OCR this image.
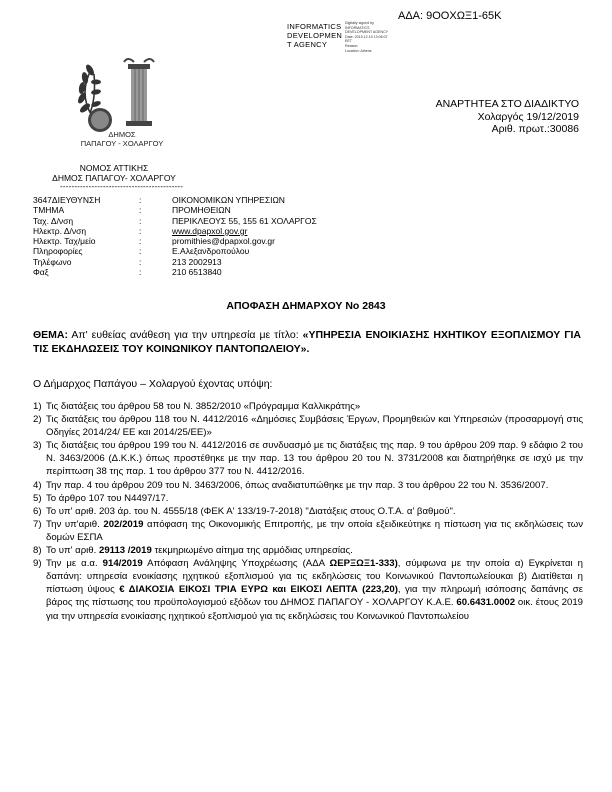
ΑΔΑ: 9ΟΟΧΩΞ1-65Κ
INFORMATICS
DEVELOPMEN
T AGENCY
Digitally signed by
INFORMATICS
DEVELOPMENT AGENCY
Date: 2019.12.19 13:06:07
EET
Reason:
Location: Athens
ΔΗΜΟΣ
ΠΑΠΑΓΟΥ - ΧΟΛΑΡΓΟΥ
ΑΝΑΡΤΗΤΕΑ ΣΤΟ ΔΙΑΔΙΚΤΥΟ
Χολαργός 19/12/2019
Αριθ. πρωτ.:30086
ΝΟΜΟΣ ΑΤΤΙΚΗΣ
ΔΗΜΟΣ ΠΑΠΑΓΟΥ- ΧΟΛΑΡΓΟΥ
-------------------------------------------
3647ΔΙΕΥΘΥΝΣΗ	:	ΟΙΚΟΝΟΜΙΚΩΝ ΥΠΗΡΕΣΙΩΝ
ΤΜΗΜΑ	:	ΠΡΟΜΗΘΕΙΩΝ
Ταχ. Δ/νση	:	ΠΕΡΙΚΛΕΟΥΣ 55, 155 61 ΧΟΛΑΡΓΟΣ
Ηλεκτρ. Δ/νση	:	www.dpapxol.gov.gr
Ηλεκτρ. Ταχ/μείο	:	promithies@dpapxol.gov.gr
Πληροφορίες	:	Ε.Αλεξανδροπούλου
Τηλέφωνο	:	213 2002913
Φαξ	:	210 6513840
ΑΠΟΦΑΣΗ ΔΗΜΑΡΧΟΥ Νο 2843
ΘΕΜΑ: Απ' ευθείας ανάθεση για την υπηρεσία με τίτλο: «ΥΠΗΡΕΣΙΑ ΕΝΟΙΚΙΑΣΗΣ ΗΧΗΤΙΚΟΥ ΕΞΟΠΛΙΣΜΟΥ ΓΙΑ ΤΙΣ ΕΚΔΗΛΩΣΕΙΣ ΤΟΥ ΚΟΙΝΩΝΙΚΟΥ ΠΑΝΤΟΠΩΛΕΙΟΥ».
Ο Δήμαρχος Παπάγου – Χολαργού έχοντας υπόψη:
1) Τις διατάξεις του άρθρου 58 του Ν. 3852/2010 «Πρόγραμμα Καλλικράτης»
2) Τις διατάξεις του άρθρου 118 του Ν. 4412/2016 «Δημόσιες Συμβάσεις Έργων, Προμηθειών και Υπηρεσιών (προσαρμογή στις Οδηγίες 2014/24/ ΕΕ και 2014/25/ΕΕ)»
3) Τις διατάξεις του άρθρου 199 του Ν. 4412/2016 σε συνδυασμό με τις διατάξεις της παρ. 9 του άρθρου 209 παρ. 9 εδάφιο 2 του Ν. 3463/2006 (Δ.Κ.Κ.) όπως προστέθηκε με την παρ. 13 του άρθρου 20 του Ν. 3731/2008 και διατηρήθηκε σε ισχύ με την περίπτωση 38 της παρ. 1 του άρθρου 377 του Ν. 4412/2016.
4) Την παρ. 4 του άρθρου 209 του Ν. 3463/2006, όπως αναδιατυπώθηκε με την παρ. 3 του άρθρου 22 του Ν. 3536/2007.
5) Το άρθρο 107 του Ν4497/17.
6) Το υπ' αριθ. 203 άρ. του Ν. 4555/18 (ΦΕΚ Α' 133/19-7-2018) "Διατάξεις στους Ο.Τ.Α. α' βαθμού".
7) Την υπ'αριθ. 202/2019 απόφαση της Οικονομικής Επιτροπής, με την οποία εξειδικεύτηκε η πίστωση για τις εκδηλώσεις των δομών ΕΣΠΑ
8) Το υπ' αριθ. 29113 /2019 τεκμηριωμένο αίτημα της αρμόδιας υπηρεσίας.
9) Την με α.α. 914/2019 Απόφαση Ανάληψης Υποχρέωσης (ΑΔΑ ΩΕΡΞΩΞ1-333), σύμφωνα με την οποία α) Εγκρίνεται η δαπάνη: υπηρεσία ενοικίασης ηχητικού εξοπλισμού για τις εκδηλώσεις του Κοινωνικού Παντοπωλείουκαι β) Διατίθεται η πίστωση ύψους € ΔΙΑΚΟΣΙΑ ΕΙΚΟΣΙ ΤΡΙΑ ΕΥΡΩ και ΕΙΚΟΣΙ ΛΕΠΤΑ (223,20), για την πληρωμή ισόποσης δαπάνης σε βάρος της πίστωσης του προϋπολογισμού εξόδων του ΔΗΜΟΣ ΠΑΠΑΓΟΥ - ΧΟΛΑΡΓΟΥ Κ.Α.Ε. 60.6431.0002 οικ. έτους 2019 για την υπηρεσία ενοικίασης ηχητικού εξοπλισμού για τις εκδηλώσεις του Κοινωνικού Παντοπωλείου
